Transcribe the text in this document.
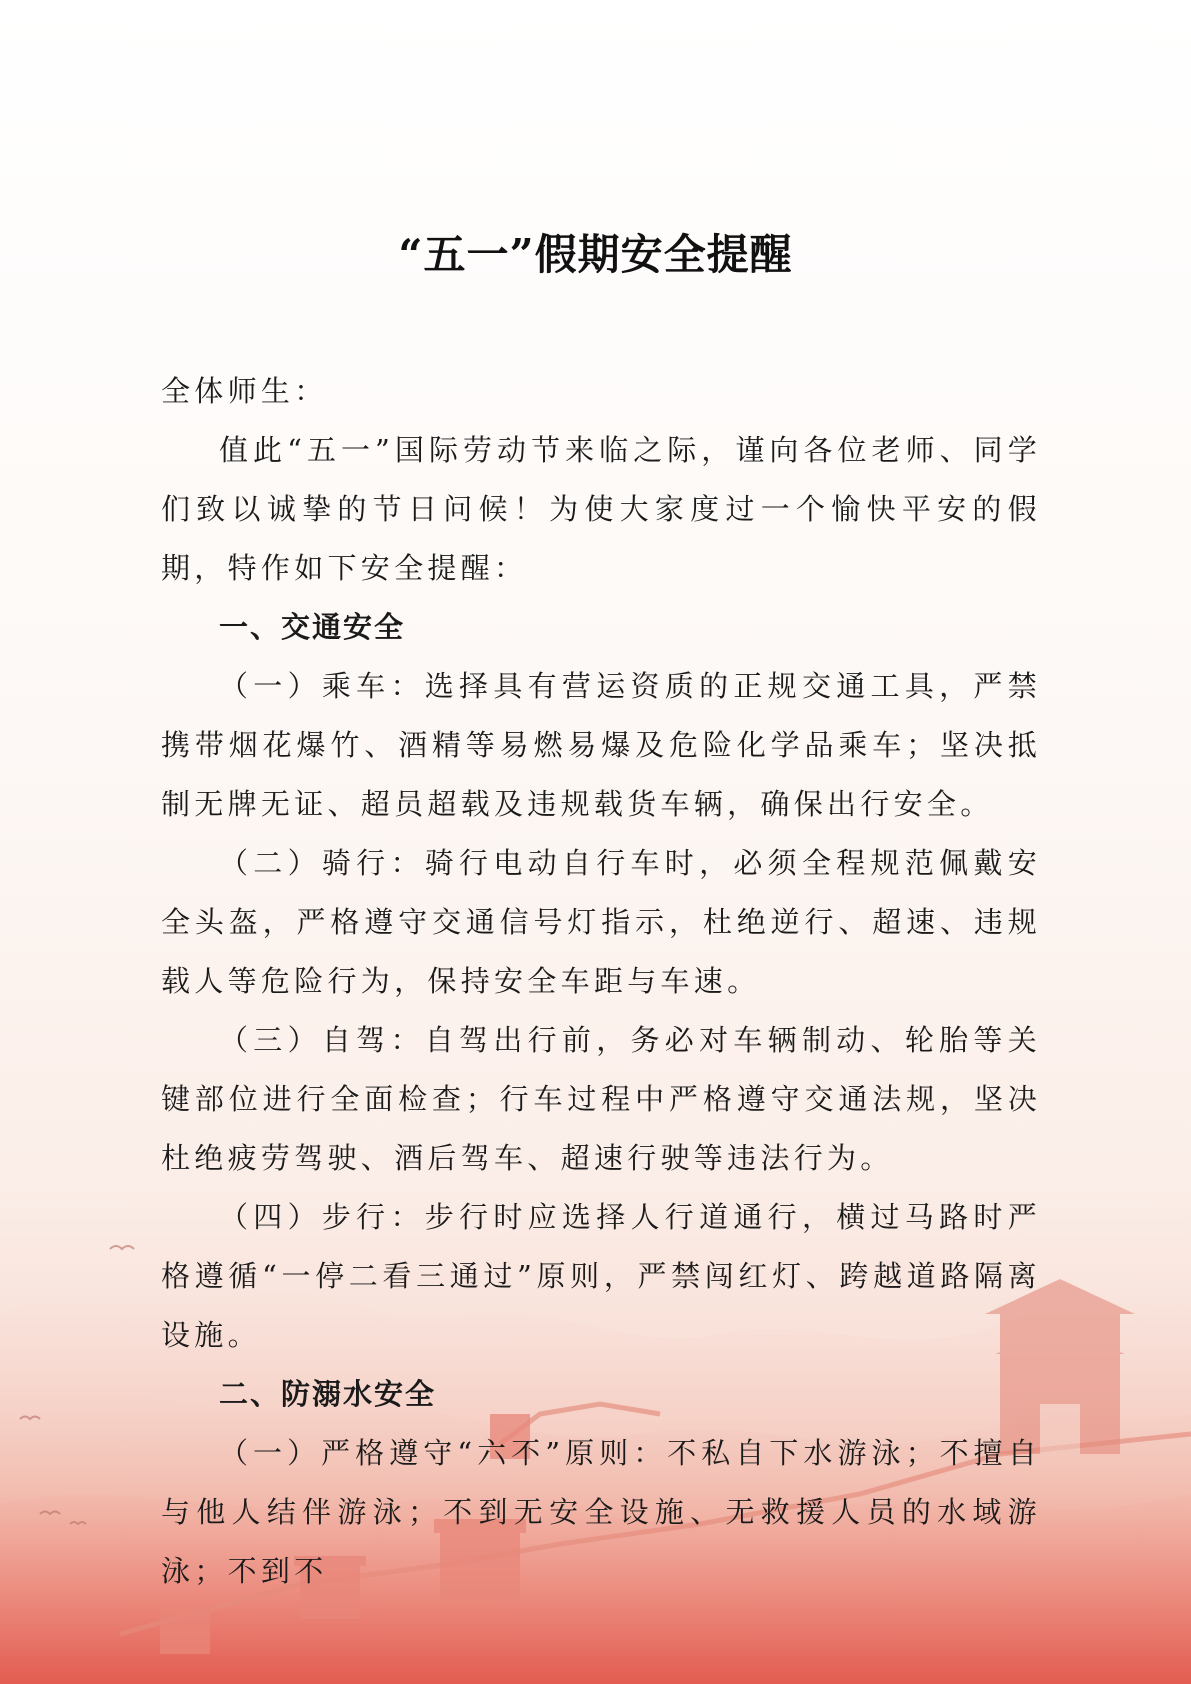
“五一”假期安全提醒

全体师生：

值此“五一”国际劳动节来临之际，谨向各位老师、同学们致以诚挚的节日问候！为使大家度过一个愉快平安的假期，特作如下安全提醒：

一、交通安全

（一）乘车：选择具有营运资质的正规交通工具，严禁携带烟花爆竹、酒精等易燃易爆及危险化学品乘车；坚决抵制无牌无证、超员超载及违规载货车辆，确保出行安全。

（二）骑行：骑行电动自行车时，必须全程规范佩戴安全头盔，严格遵守交通信号灯指示，杜绝逆行、超速、违规载人等危险行为，保持安全车距与车速。

（三）自驾：自驾出行前，务必对车辆制动、轮胎等关键部位进行全面检查；行车过程中严格遵守交通法规，坚决杜绝疲劳驾驶、酒后驾车、超速行驶等违法行为。

（四）步行：步行时应选择人行道通行，横过马路时严格遵循“一停二看三通过”原则，严禁闯红灯、跨越道路隔离设施。

二、防溺水安全

（一）严格遵守“六不”原则：不私自下水游泳；不擅自与他人结伴游泳；不到无安全设施、无救援人员的水域游泳；不到不
